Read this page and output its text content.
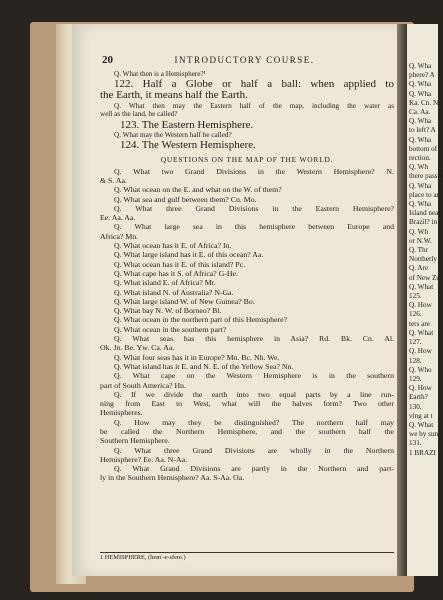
20	INTRODUCTORY COURSE.
Q. What then is a Hemisphere?¹
122. Half a Globe or half a ball: when applied to
the Earth, it means half the Earth.
Q. What then may the Eastern half of the map, including the water as
well as the land, be called?
123. The Eastern Hemisphere.
Q. What may the Western half be called?
124. The Western Hemisphere.
QUESTIONS ON THE MAP OF THE WORLD.
Q. What two Grand Divisions in the Western Hemisphere? N.
& S. Aa.
Q. What ocean on the E. and what on the W. of them?
Q. What sea and gulf between them? Cn. Mo.
Q. What three Grand Divisions in the Eastern Hemisphere?
Ee. Aa. Aa.
Q. What large sea in this hemisphere between Europe and
Africa? Mn.
Q. What ocean has it E. of Africa? In.
Q. What large island has it E. of this ocean? Aa.
Q. What ocean has it E. of this island? Pc.
Q. What cape has it S. of Africa? G-He.
Q. What island E. of Africa? Mr.
Q. What island N. of Australia? N-Ga.
Q. What large island W. of New Guinea? Bo.
Q. What bay N. W. of Borneo? Bl.
Q. What ocean in the northern part of this Hemisphere?
Q. What ocean in the southern part?
Q. What seas has this hemisphere in Asia? Rd. Bk. Cn. Al.
Ok. Jn. Be. Yw. Ca. Aa.
Q. What four seas has it in Europe? Mn. Bc. Nh. We.
Q. What island has it E. and N. E. of the Yellow Sea? Nn.
Q. What cape on the Western Hemisphere is in the southern
part of South America? Hn.
Q. If we divide the earth into two equal parts by a line run-
ning from East to West, what will the halves form? Two other
Hemispheres.
Q. How may they be distinguished? The northern half may
be called the Northern Hemisphere, and the southern half the
Southern Hemisphere.
Q. What three Grand Divisions are wholly in the Northern
Hemisphere? Ee. Aa. N-Aa.
Q. What Grand Divisions are partly in the Northern and part-
ly in the Southern Hemisphere? Aa. S-Aa. Oa.
1 HEMISPHERE, (hem'-e-sfere.)
Q. Wha
phere? A
Q. Wha
Q. Wha
Ka. Cn. N
Ca. Aa.
Q. Wha
to left? A
Q. Wha
bottom of t
rection.
Q. Wh
there passin
Q. Wha
place to an
Q. Wha
Island near
Brazil? in
Q. Wh
or N.W.
Q. Thr
Northerly
Q. Are
of New Ze
Q. What
125.
Q. How
126.
ters are
Q. What
127.
Q. How
128.
Q. Who
129.
Q. How
Earth?
130.
ving at t
Q. What
we by sun
131.
1 BRAZI
